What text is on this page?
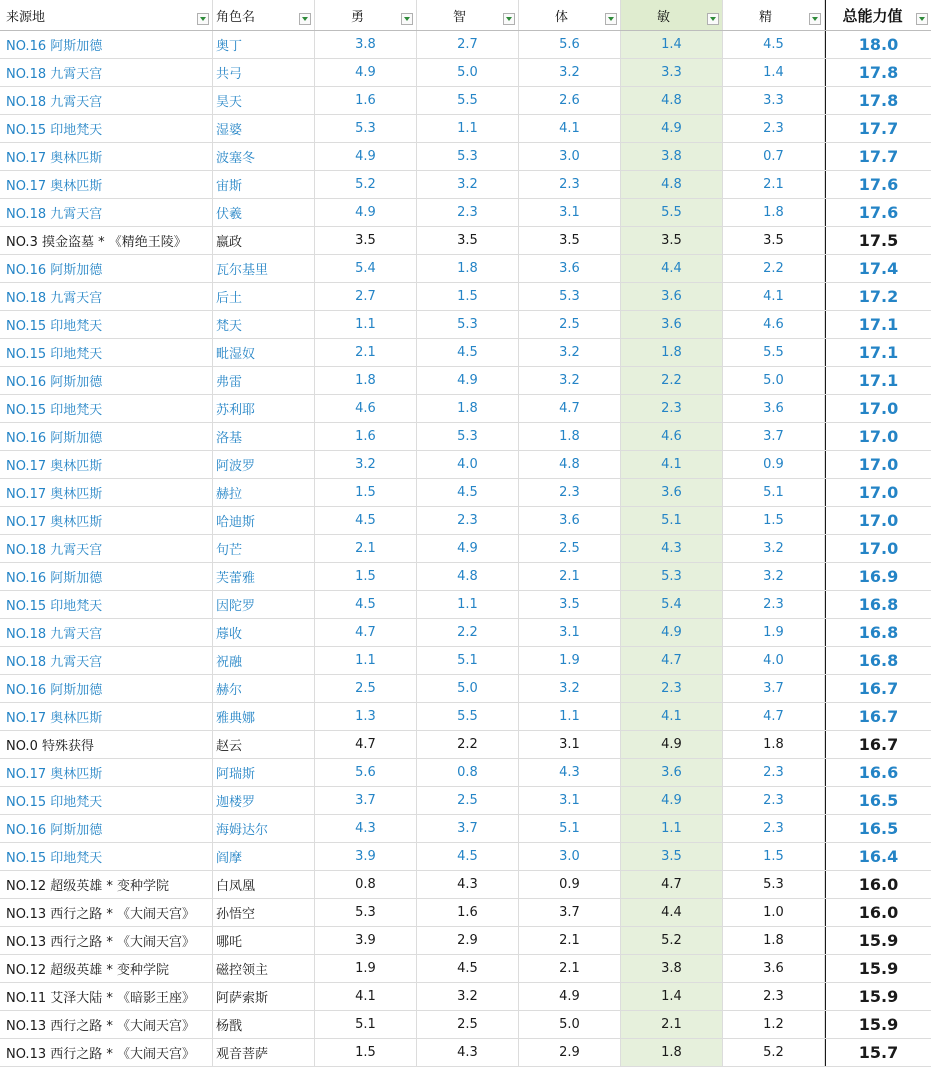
来源地	角色名	勇	智	体	敏	精	总能力值
NO.16 阿斯加德	奥丁	3.8	2.7	5.6	1.4	4.5	18.0
NO.18 九霄天宫	共弓	4.9	5.0	3.2	3.3	1.4	17.8
NO.18 九霄天宫	昊天	1.6	5.5	2.6	4.8	3.3	17.8
NO.15 印地梵天	湿婆	5.3	1.1	4.1	4.9	2.3	17.7
NO.17 奥林匹斯	波塞冬	4.9	5.3	3.0	3.8	0.7	17.7
NO.17 奥林匹斯	宙斯	5.2	3.2	2.3	4.8	2.1	17.6
NO.18 九霄天宫	伏羲	4.9	2.3	3.1	5.5	1.8	17.6
NO.3 摸金盗墓 * 《精绝王陵》	嬴政	3.5	3.5	3.5	3.5	3.5	17.5
NO.16 阿斯加德	瓦尔基里	5.4	1.8	3.6	4.4	2.2	17.4
NO.18 九霄天宫	后土	2.7	1.5	5.3	3.6	4.1	17.2
NO.15 印地梵天	梵天	1.1	5.3	2.5	3.6	4.6	17.1
NO.15 印地梵天	毗湿奴	2.1	4.5	3.2	1.8	5.5	17.1
NO.16 阿斯加德	弗雷	1.8	4.9	3.2	2.2	5.0	17.1
NO.15 印地梵天	苏利耶	4.6	1.8	4.7	2.3	3.6	17.0
NO.16 阿斯加德	洛基	1.6	5.3	1.8	4.6	3.7	17.0
NO.17 奥林匹斯	阿波罗	3.2	4.0	4.8	4.1	0.9	17.0
NO.17 奥林匹斯	赫拉	1.5	4.5	2.3	3.6	5.1	17.0
NO.17 奥林匹斯	哈迪斯	4.5	2.3	3.6	5.1	1.5	17.0
NO.18 九霄天宫	句芒	2.1	4.9	2.5	4.3	3.2	17.0
NO.16 阿斯加德	芙蕾雅	1.5	4.8	2.1	5.3	3.2	16.9
NO.15 印地梵天	因陀罗	4.5	1.1	3.5	5.4	2.3	16.8
NO.18 九霄天宫	蓐收	4.7	2.2	3.1	4.9	1.9	16.8
NO.18 九霄天宫	祝融	1.1	5.1	1.9	4.7	4.0	16.8
NO.16 阿斯加德	赫尔	2.5	5.0	3.2	2.3	3.7	16.7
NO.17 奥林匹斯	雅典娜	1.3	5.5	1.1	4.1	4.7	16.7
NO.0 特殊获得	赵云	4.7	2.2	3.1	4.9	1.8	16.7
NO.17 奥林匹斯	阿瑞斯	5.6	0.8	4.3	3.6	2.3	16.6
NO.15 印地梵天	迦楼罗	3.7	2.5	3.1	4.9	2.3	16.5
NO.16 阿斯加德	海姆达尔	4.3	3.7	5.1	1.1	2.3	16.5
NO.15 印地梵天	阎摩	3.9	4.5	3.0	3.5	1.5	16.4
NO.12 超级英雄 * 变种学院	白凤凰	0.8	4.3	0.9	4.7	5.3	16.0
NO.13 西行之路 * 《大闹天宫》	孙悟空	5.3	1.6	3.7	4.4	1.0	16.0
NO.13 西行之路 * 《大闹天宫》	哪吒	3.9	2.9	2.1	5.2	1.8	15.9
NO.12 超级英雄 * 变种学院	磁控领主	1.9	4.5	2.1	3.8	3.6	15.9
NO.11 艾泽大陆 * 《暗影王座》	阿萨索斯	4.1	3.2	4.9	1.4	2.3	15.9
NO.13 西行之路 * 《大闹天宫》	杨戬	5.1	2.5	5.0	2.1	1.2	15.9
NO.13 西行之路 * 《大闹天宫》	观音菩萨	1.5	4.3	2.9	1.8	5.2	15.7
